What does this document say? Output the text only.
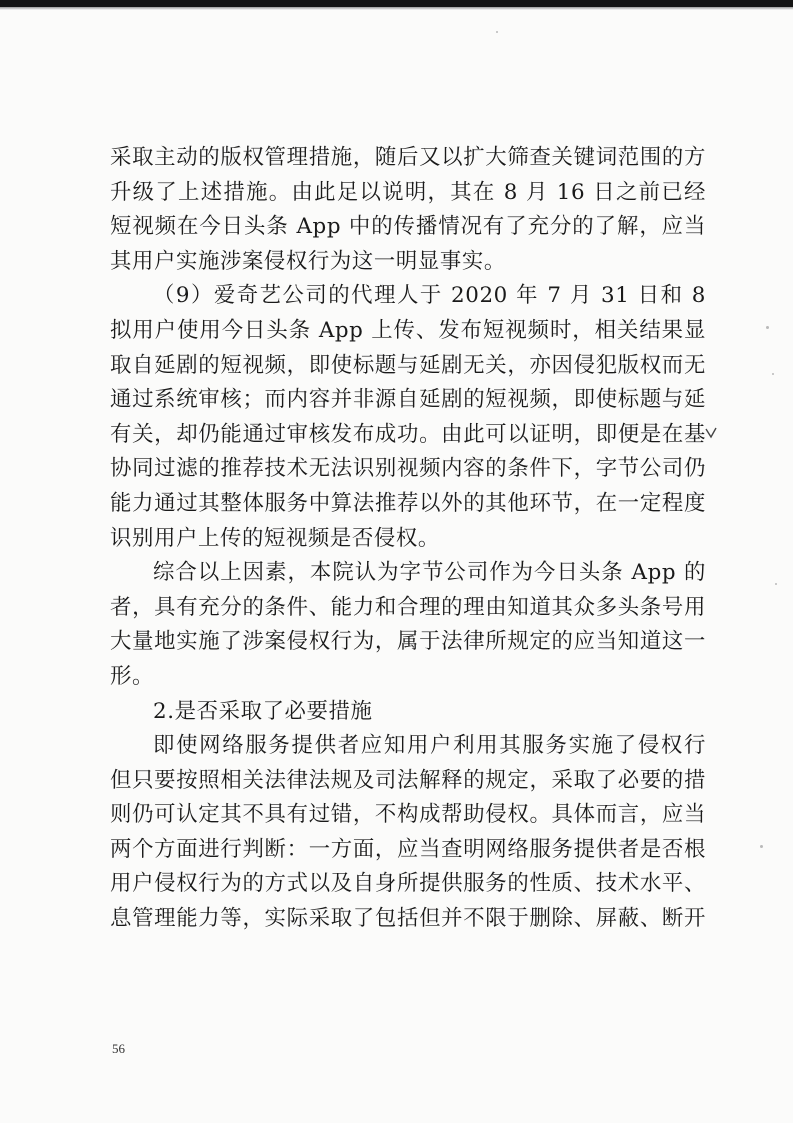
采取主动的版权管理措施，随后又以扩大筛查关键词范围的方
升级了上述措施。由此足以说明，其在 8 月 16 日之前已经
短视频在今日头条 App 中的传播情况有了充分的了解，应当
其用户实施涉案侵权行为这一明显事实。
（9）爱奇艺公司的代理人于 2020 年 7 月 31 日和 8
拟用户使用今日头条 App 上传、发布短视频时，相关结果显
取自延剧的短视频，即使标题与延剧无关，亦因侵犯版权而无
通过系统审核；而内容并非源自延剧的短视频，即使标题与延
有关，却仍能通过审核发布成功。由此可以证明，即便是在基
协同过滤的推荐技术无法识别视频内容的条件下，字节公司仍
能力通过其整体服务中算法推荐以外的其他环节，在一定程度
识别用户上传的短视频是否侵权。
综合以上因素，本院认为字节公司作为今日头条 App 的
者，具有充分的条件、能力和合理的理由知道其众多头条号用
大量地实施了涉案侵权行为，属于法律所规定的应当知道这一
形。
2.是否采取了必要措施
即使网络服务提供者应知用户利用其服务实施了侵权行
但只要按照相关法律法规及司法解释的规定，采取了必要的措
则仍可认定其不具有过错，不构成帮助侵权。具体而言，应当
两个方面进行判断：一方面，应当查明网络服务提供者是否根
用户侵权行为的方式以及自身所提供服务的性质、技术水平、
息管理能力等，实际采取了包括但并不限于删除、屏蔽、断开
56
